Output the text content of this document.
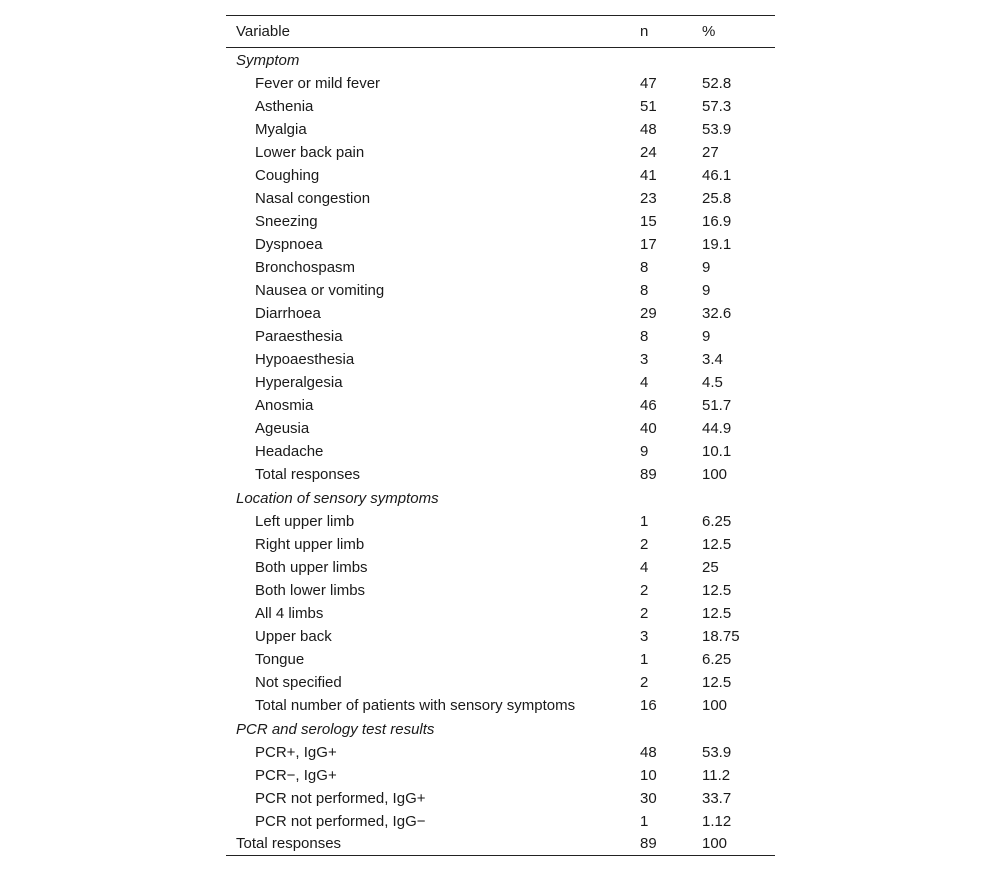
Variable	n	%
Symptom		
Fever or mild fever	47	52.8
Asthenia	51	57.3
Myalgia	48	53.9
Lower back pain	24	27
Coughing	41	46.1
Nasal congestion	23	25.8
Sneezing	15	16.9
Dyspnoea	17	19.1
Bronchospasm	8	9
Nausea or vomiting	8	9
Diarrhoea	29	32.6
Paraesthesia	8	9
Hypoaesthesia	3	3.4
Hyperalgesia	4	4.5
Anosmia	46	51.7
Ageusia	40	44.9
Headache	9	10.1
Total responses	89	100
Location of sensory symptoms		
Left upper limb	1	6.25
Right upper limb	2	12.5
Both upper limbs	4	25
Both lower limbs	2	12.5
All 4 limbs	2	12.5
Upper back	3	18.75
Tongue	1	6.25
Not specified	2	12.5
Total number of patients with sensory symptoms	16	100
PCR and serology test results		
PCR+, IgG+	48	53.9
PCR−, IgG+	10	11.2
PCR not performed, IgG+	30	33.7
PCR not performed, IgG−	1	1.12
Total responses	89	100
